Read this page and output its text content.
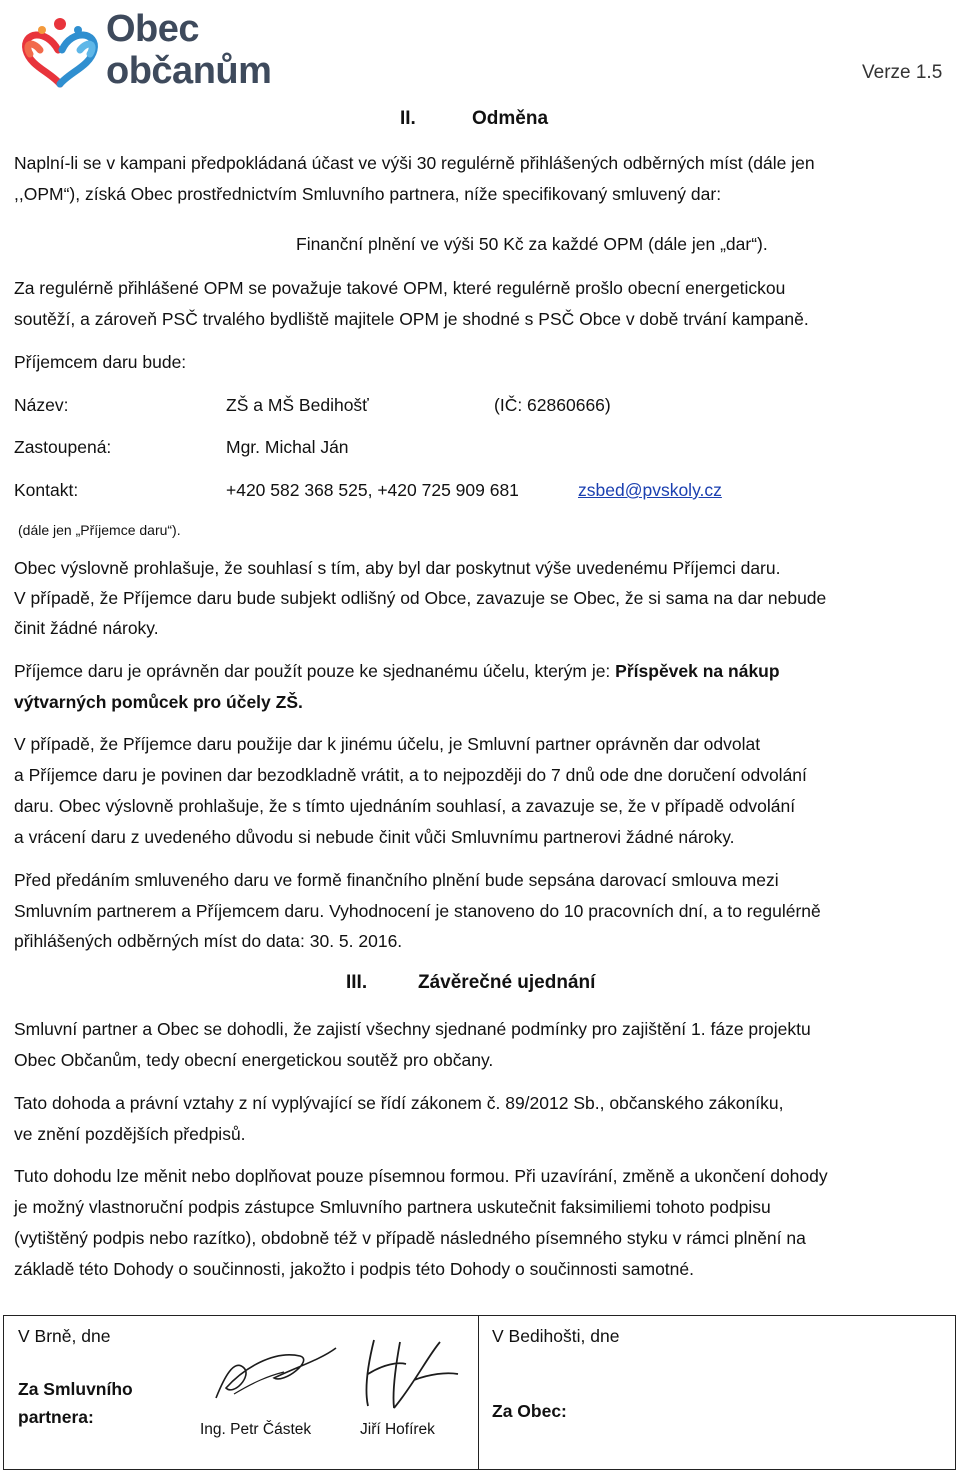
Obec
občanům	Verze 1.5
II.	Odměna
Naplní-li se v kampani předpokládaná účast ve výši 30 regulérně přihlášených odběrných míst (dále jen
,,OPM“), získá Obec prostřednictvím Smluvního partnera, níže specifikovaný smluvený dar:
Finanční plnění ve výši 50 Kč za každé OPM (dále jen „dar“).
Za regulérně přihlášené OPM se považuje takové OPM, které regulérně prošlo obecní energetickou
soutěží, a zároveň PSČ trvalého bydliště majitele OPM je shodné s PSČ Obce v době trvání kampaně.
Příjemcem daru bude:
Název:	ZŠ a MŠ Bedihošť	(IČ: 62860666)
Zastoupená:	Mgr. Michal Ján
Kontakt:	+420 582 368 525, +420 725 909 681	zsbed@pvskoly.cz
(dále jen „Příjemce daru“).
Obec výslovně prohlašuje, že souhlasí s tím, aby byl dar poskytnut výše uvedenému Příjemci daru.
V případě, že Příjemce daru bude subjekt odlišný od Obce, zavazuje se Obec, že si sama na dar nebude
činit žádné nároky.
Příjemce daru je oprávněn dar použít pouze ke sjednanému účelu, kterým je: Příspěvek na nákup
výtvarných pomůcek pro účely ZŠ.
V případě, že Příjemce daru použije dar k jinému účelu, je Smluvní partner oprávněn dar odvolat
a Příjemce daru je povinen dar bezodkladně vrátit, a to nejpozději do 7 dnů ode dne doručení odvolání
daru. Obec výslovně prohlašuje, že s tímto ujednáním souhlasí, a zavazuje se, že v případě odvolání
a vrácení daru z uvedeného důvodu si nebude činit vůči Smluvnímu partnerovi žádné nároky.
Před předáním smluveného daru ve formě finančního plnění bude sepsána darovací smlouva mezi
Smluvním partnerem a Příjemcem daru. Vyhodnocení je stanoveno do 10 pracovních dní, a to regulérně
přihlášených odběrných míst do data: 30. 5. 2016.
III.	Závěrečné ujednání
Smluvní partner a Obec se dohodli, že zajistí všechny sjednané podmínky pro zajištění 1. fáze projektu
Obec Občanům, tedy obecní energetickou soutěž pro občany.
Tato dohoda a právní vztahy z ní vyplývající se řídí zákonem č. 89/2012 Sb., občanského zákoníku,
ve znění pozdějších předpisů.
Tuto dohodu lze měnit nebo doplňovat pouze písemnou formou. Při uzavírání, změně a ukončení dohody
je možný vlastnoruční podpis zástupce Smluvního partnera uskutečnit faksimiliemi tohoto podpisu
(vytištěný podpis nebo razítko), obdobně též v případě následného písemného styku v rámci plnění na
základě této Dohody o součinnosti, jakožto i podpis této Dohody o součinnosti samotné.
V Brně, dne
Za Smluvního
partnera:
Ing. Petr Částek	Jiří Hofírek
V Bedihošti, dne
Za Obec:
